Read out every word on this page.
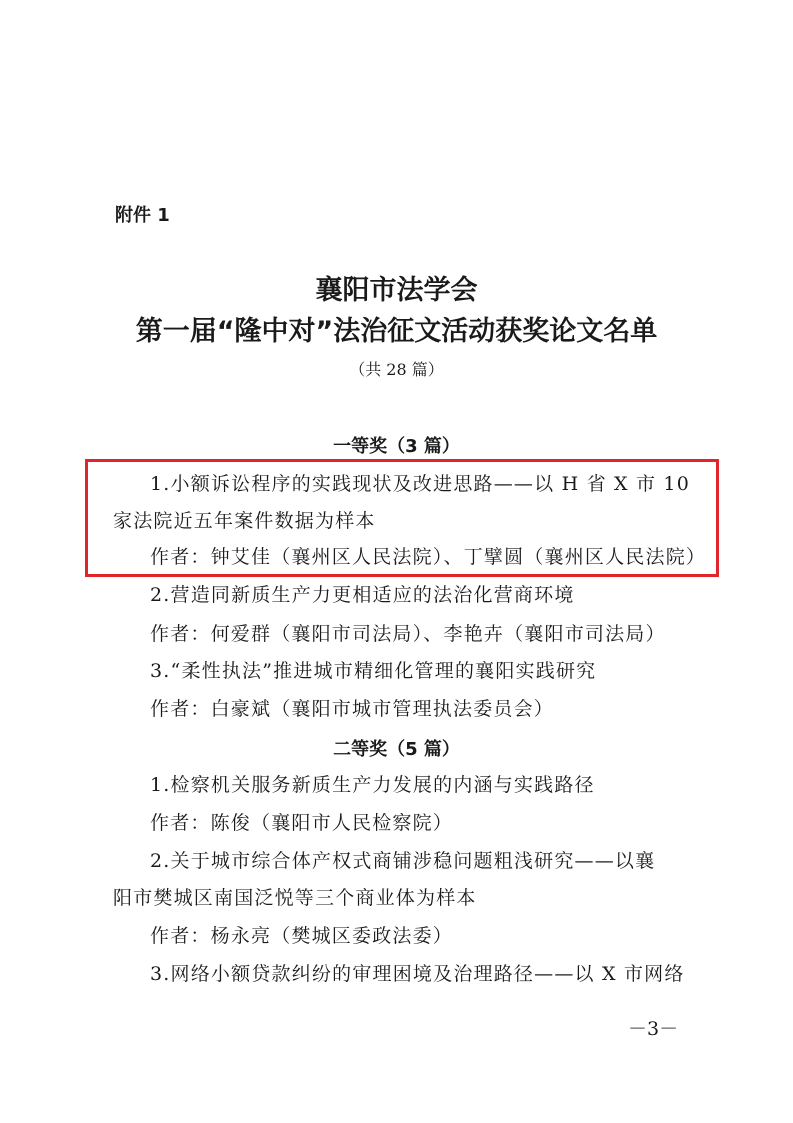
附件 1
襄阳市法学会
第一届“隆中对”法治征文活动获奖论文名单
（共 28 篇）
一等奖（3 篇）
1.小额诉讼程序的实践现状及改进思路——以 H 省 X 市 10
家法院近五年案件数据为样本
作者：钟艾佳（襄州区人民法院）、丁擘圆（襄州区人民法院）
2.营造同新质生产力更相适应的法治化营商环境
作者：何爱群（襄阳市司法局）、李艳卉（襄阳市司法局）
3.“柔性执法”推进城市精细化管理的襄阳实践研究
作者：白豪斌（襄阳市城市管理执法委员会）
二等奖（5 篇）
1.检察机关服务新质生产力发展的内涵与实践路径
作者：陈俊（襄阳市人民检察院）
2.关于城市综合体产权式商铺涉稳问题粗浅研究——以襄
阳市樊城区南国泛悦等三个商业体为样本
作者：杨永亮（樊城区委政法委）
3.网络小额贷款纠纷的审理困境及治理路径——以 X 市网络
－3－
